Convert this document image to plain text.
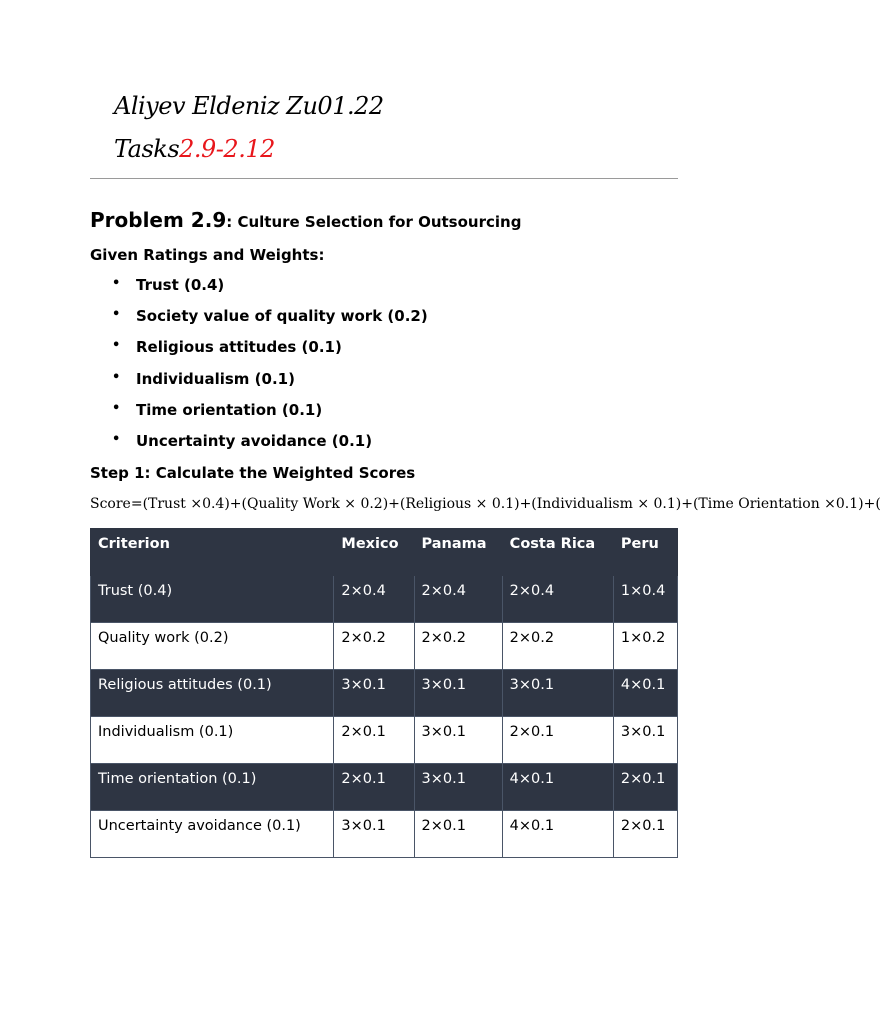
Aliyev Eldeniz Zu01.22
Tasks2.9-2.12
Problem 2.9: Culture Selection for Outsourcing
Given Ratings and Weights:
• Trust (0.4)
• Society value of quality work (0.2)
• Religious attitudes (0.1)
• Individualism (0.1)
• Time orientation (0.1)
• Uncertainty avoidance (0.1)
Step 1: Calculate the Weighted Scores
Score=(Trust ×0.4)+(Quality Work × 0.2)+(Religious × 0.1)+(Individualism × 0.1)+(Time Orientation ×0.1)+(
Criterion	Mexico	Panama	Costa Rica	Peru
Trust (0.4)	2×0.4	2×0.4	2×0.4	1×0.4
Quality work (0.2)	2×0.2	2×0.2	2×0.2	1×0.2
Religious attitudes (0.1)	3×0.1	3×0.1	3×0.1	4×0.1
Individualism (0.1)	2×0.1	3×0.1	2×0.1	3×0.1
Time orientation (0.1)	2×0.1	3×0.1	4×0.1	2×0.1
Uncertainty avoidance (0.1)	3×0.1	2×0.1	4×0.1	2×0.1
